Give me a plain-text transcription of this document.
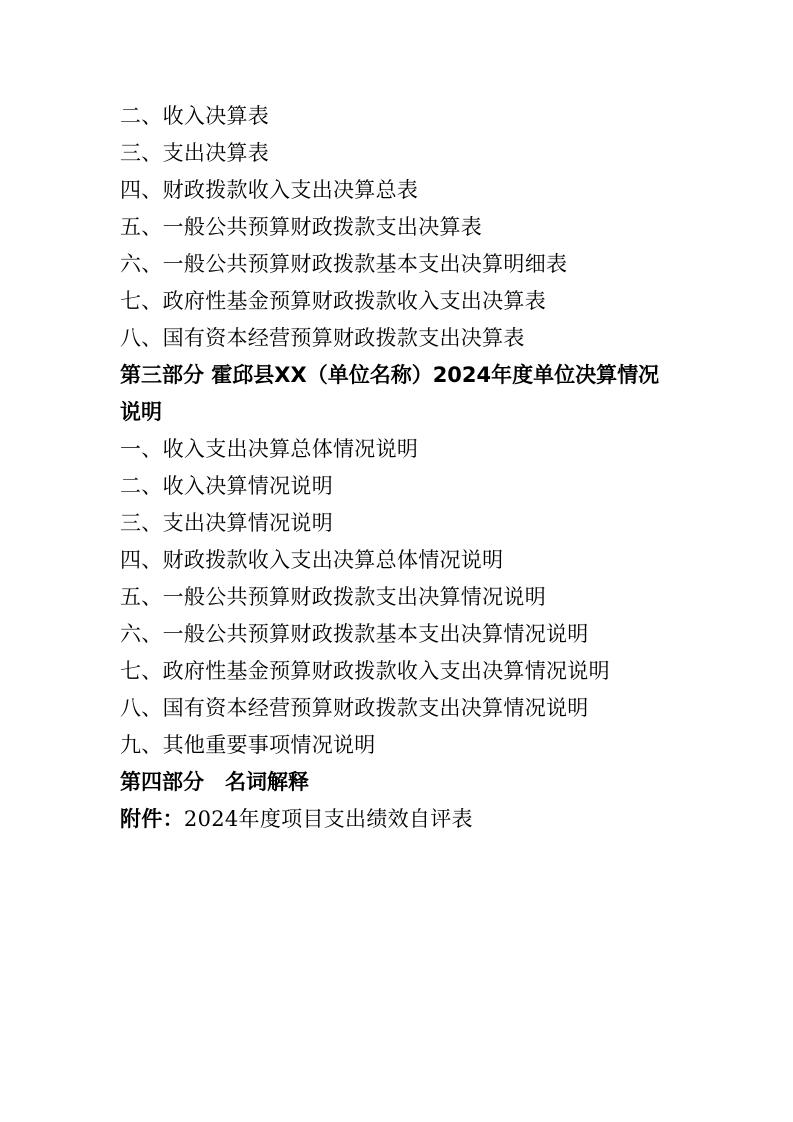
二、收入决算表
三、支出决算表
四、财政拨款收入支出决算总表
五、一般公共预算财政拨款支出决算表
六、一般公共预算财政拨款基本支出决算明细表
七、政府性基金预算财政拨款收入支出决算表
八、国有资本经营预算财政拨款支出决算表
第三部分 霍邱县XX（单位名称）2024年度单位决算情况说明
一、收入支出决算总体情况说明
二、收入决算情况说明
三、支出决算情况说明
四、财政拨款收入支出决算总体情况说明
五、一般公共预算财政拨款支出决算情况说明
六、一般公共预算财政拨款基本支出决算情况说明
七、政府性基金预算财政拨款收入支出决算情况说明
八、国有资本经营预算财政拨款支出决算情况说明
九、其他重要事项情况说明
第四部分　名词解释
附件：2024年度项目支出绩效自评表
